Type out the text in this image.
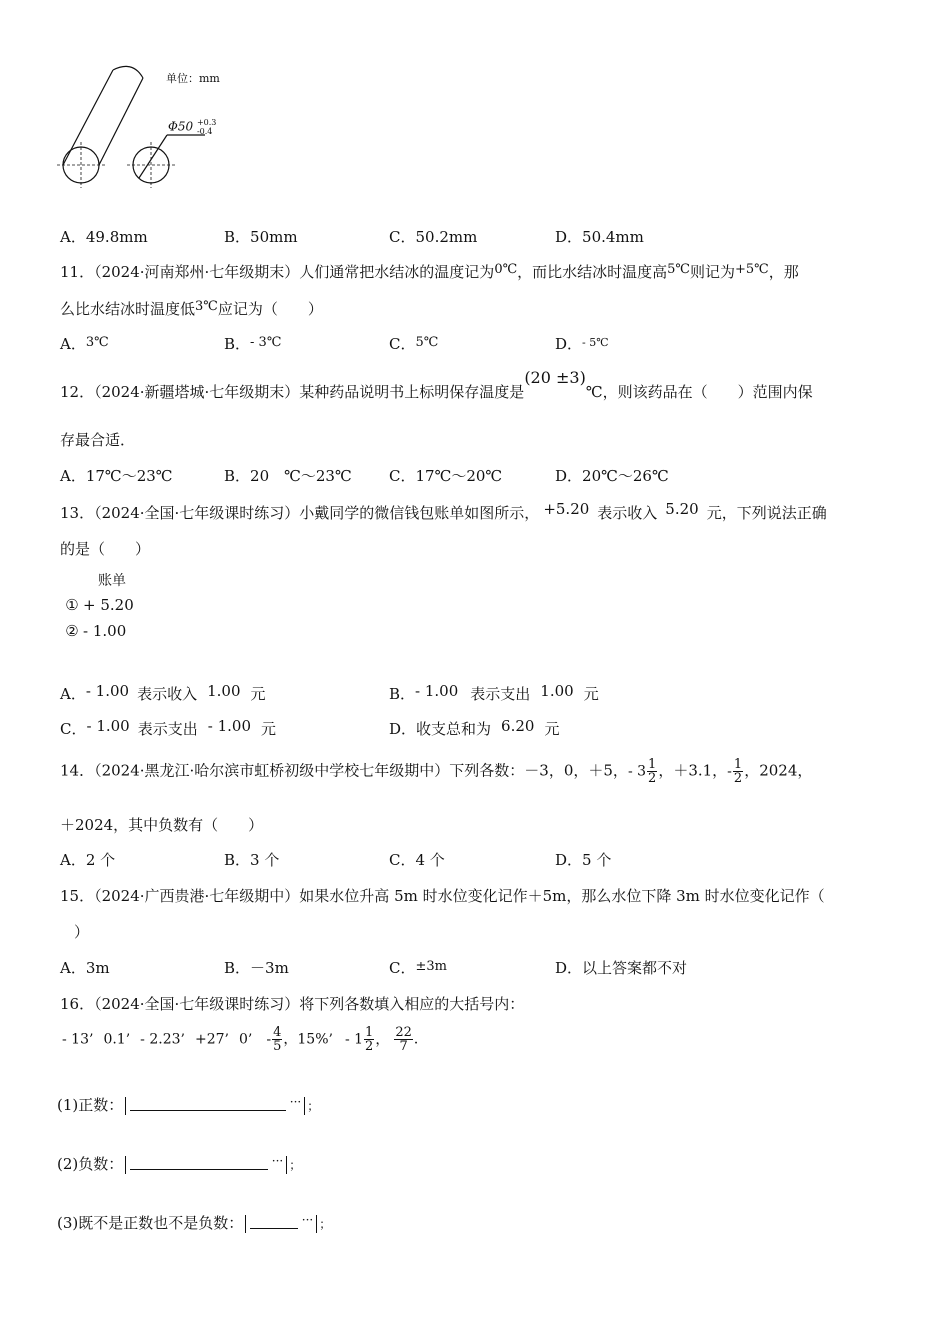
单位：mm
Φ50 +0.3
-0.4
A．49.8mm	B．50mm	C．50.2mm	D．50.4mm
11．（2024·河南郑州·七年级期末）人们通常把水结冰的温度记为0℃，而比水结冰时温度高5℃则记为+5℃，那
么比水结冰时温度低3℃应记为（　　）
A．3℃	B．- 3℃	C．5℃	D．$^{- 5℃}$
12．（2024·新疆塔城·七年级期末）某种药品说明书上标明保存温度是(20 ±3)℃，则该药品在（　　）范围内保
存最合适．
A．17℃～23℃	B．20　℃～23℃ C．17℃～20℃	D．20℃～26℃
13．（2024·全国·七年级课时练习）小戴同学的微信钱包账单如图所示， +5.20 表示收入 5.20 元，下列说法正确
的是（　　）
账单
① + 5.20
② - 1.00
A．- 1.00 表示收入 1.00 元	B．- 1.00 表示支出 1.00 元
C．- 1.00 表示支出 - 1.00 元	D．收支总和为 6.20 元
14．（2024·黑龙江·哈尔滨市虹桥初级中学校七年级期中）下列各数：－3，0，＋5，- $3 \frac{1}{2}$ ，＋3.1，- $\frac{1}{2}$ ，2024，
＋2024，其中负数有（　　）
A．2 个	B．3 个	C．4 个	D．5 个
15．（2024·广西贵港·七年级期中）如果水位升高 5m 时水位变化记作＋5m，那么水位下降 3m 时水位变化记作（
）
A．3m	B．－3m	C．±3m	D．以上答案都不对
16．（2024·全国·七年级课时练习）将下列各数填入相应的大括号内：
- 13’ 0.1’ - 2.23’ +27’ 0’ - $\frac{4}{5}$ ，15%’ - $1 \frac{1}{2}$ ， $\frac{22}{7}$ ．
(1)正数：	··· ；
(2)负数：	··· ；
(3)既不是正数也不是负数：	··· ；
